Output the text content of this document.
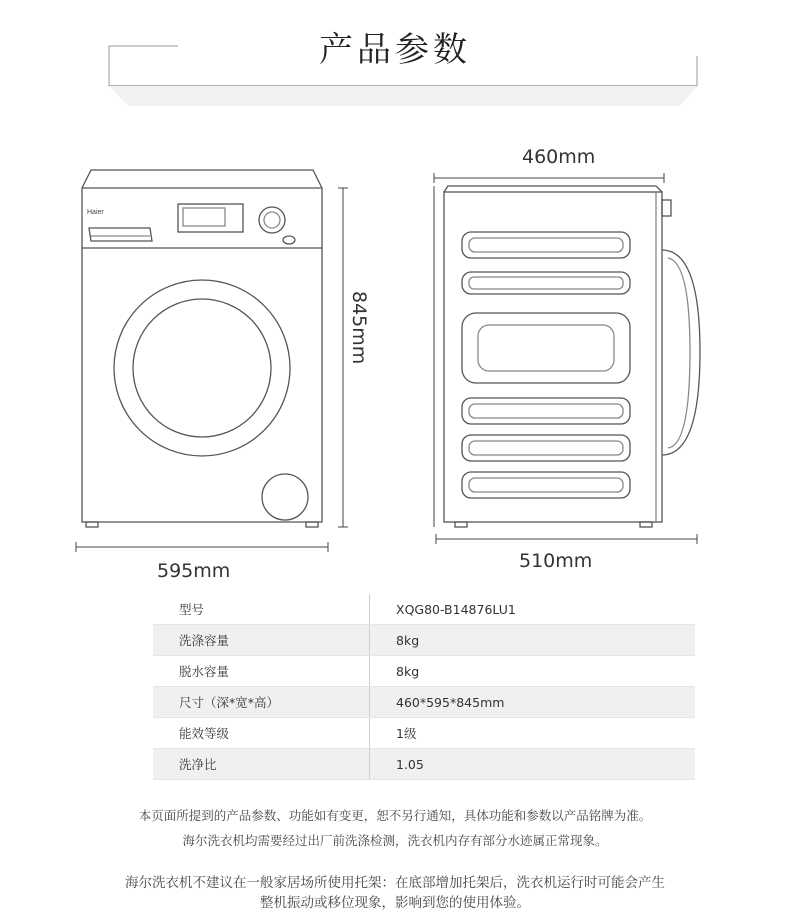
产品参数
Haier
460mm
845mm
595mm	510mm
型号	XQG80-B14876LU1
洗涤容量	8kg
脱水容量	8kg
尺寸（深*宽*高）	460*595*845mm
能效等级	1级
洗净比	1.05
本页面所提到的产品参数、功能如有变更，恕不另行通知，具体功能和参数以产品铭牌为准。
海尔洗衣机均需要经过出厂前洗涤检测，洗衣机内存有部分水迹属正常现象。
海尔洗衣机不建议在一般家居场所使用托架：在底部增加托架后，洗衣机运行时可能会产生
整机振动或移位现象，影响到您的使用体验。
